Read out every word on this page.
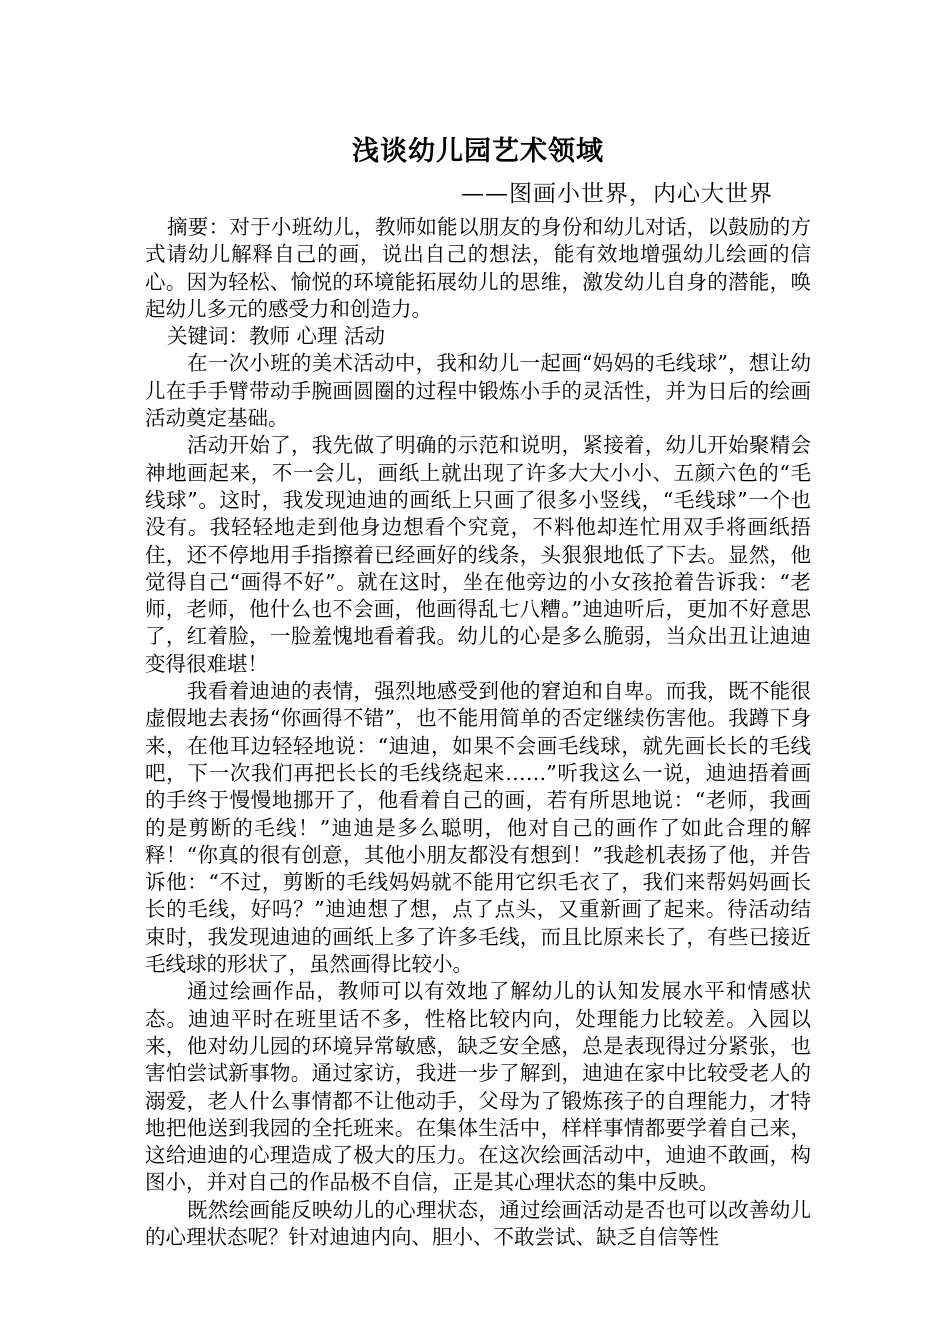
浅谈幼儿园艺术领域

——图画小世界，内心大世界

摘要：对于小班幼儿，教师如能以朋友的身份和幼儿对话，以鼓励的方式请幼儿解释自己的画，说出自己的想法，能有效地增强幼儿绘画的信心。因为轻松、愉悦的环境能拓展幼儿的思维，激发幼儿自身的潜能，唤起幼儿多元的感受力和创造力。

关键词：教师 心理 活动

在一次小班的美术活动中，我和幼儿一起画“妈妈的毛线球”，想让幼儿在手手臂带动手腕画圆圈的过程中锻炼小手的灵活性，并为日后的绘画活动奠定基础。

活动开始了，我先做了明确的示范和说明，紧接着，幼儿开始聚精会神地画起来，不一会儿，画纸上就出现了许多大大小小、五颜六色的“毛线球”。这时，我发现迪迪的画纸上只画了很多小竖线，“毛线球”一个也没有。我轻轻地走到他身边想看个究竟，不料他却连忙用双手将画纸捂住，还不停地用手指擦着已经画好的线条，头狠狠地低了下去。显然，他觉得自己“画得不好”。就在这时，坐在他旁边的小女孩抢着告诉我：“老师，老师，他什么也不会画，他画得乱七八糟。”迪迪听后，更加不好意思了，红着脸，一脸羞愧地看着我。幼儿的心是多么脆弱，当众出丑让迪迪变得很难堪！

我看着迪迪的表情，强烈地感受到他的窘迫和自卑。而我，既不能很虚假地去表扬“你画得不错”，也不能用简单的否定继续伤害他。我蹲下身来，在他耳边轻轻地说：“迪迪，如果不会画毛线球，就先画长长的毛线吧，下一次我们再把长长的毛线绕起来……”听我这么一说，迪迪捂着画的手终于慢慢地挪开了，他看着自己的画，若有所思地说：“老师，我画的是剪断的毛线！”迪迪是多么聪明，他对自己的画作了如此合理的解释！“你真的很有创意，其他小朋友都没有想到！”我趁机表扬了他，并告诉他：“不过，剪断的毛线妈妈就不能用它织毛衣了，我们来帮妈妈画长长的毛线，好吗？”迪迪想了想，点了点头，又重新画了起来。待活动结束时，我发现迪迪的画纸上多了许多毛线，而且比原来长了，有些已接近毛线球的形状了，虽然画得比较小。

通过绘画作品，教师可以有效地了解幼儿的认知发展水平和情感状态。迪迪平时在班里话不多，性格比较内向，处理能力比较差。入园以来，他对幼儿园的环境异常敏感，缺乏安全感，总是表现得过分紧张，也害怕尝试新事物。通过家访，我进一步了解到，迪迪在家中比较受老人的溺爱，老人什么事情都不让他动手，父母为了锻炼孩子的自理能力，才特地把他送到我园的全托班来。在集体生活中，样样事情都要学着自己来，这给迪迪的心理造成了极大的压力。在这次绘画活动中，迪迪不敢画，构图小，并对自己的作品极不自信，正是其心理状态的集中反映。

既然绘画能反映幼儿的心理状态，通过绘画活动是否也可以改善幼儿的心理状态呢？针对迪迪内向、胆小、不敢尝试、缺乏自信等性
